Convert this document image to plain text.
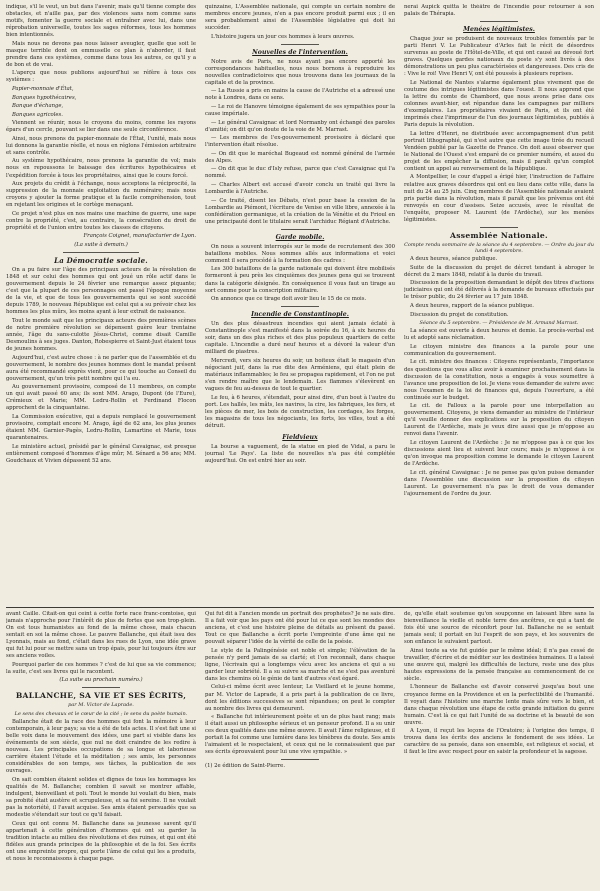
indique, s'il le veut, un but dans l'avenir, mais qu'il tienne compte des obstacles, et n'aille pas, par des violences sans nom comme sans motifs, fomenter la guerre sociale et entraîner avec lui, dans une réprobation universelle, toutes les sages réformes, tous les hommes bien intentionnés.

Mais nous ne devons pas nous laisser aveugler, quelle que soit le masque terrible dont on emmuselle ce plan à n'aborder, il faut prendre dans ces systèmes, comme dans tous les autres, ce qu'il y a de bon et de vrai.

L'aperçu que nous publions aujourd'hui se réfère à tous ces systèmes :

Papier-monnaie d'État,

Banques hypothécaires,

Banque d'échange,

Banques agricoles.

Viennent se réunir, nous le croyons du moins, comme les rayons épars d'un cercle, pouvant se lier dans une seule circonférence.

Ainsi, nous prenons du papier-monnaie de l'État, l'unité, mais nous lui donnons la garantie réelle, et nous en réglons l'émission arbitraire et sans contrôle.

Au système hypothécaire, nous prenons la garantie du vol; mais nous en repoussons le baissage des écritures hypothécaires et l'expédition forcée à tous les propriétaires, ainsi que le cours forcé.

Aux projets du crédit à l'échange, nous acceptons la réciprocité, la suppression de la monnaie exploitation du numéraire; mais nous croyons y ajouter la forme pratique et la facile compréhension, tout en rejetant les origines et le cortège menaçant.

Ce projet n'est plus en nos mains une machine de guerre, une sape contre la propriété, c'est, au contraire, la consécration du droit de propriété et de l'union entre toutes les classes de citoyens.

François Coignet, manufacturier de Lyon.

(La suite à demain.)

La Démocratie sociale.

On a pu faire sur l'âge des principaux acteurs de la révolution de 1848 et sur celui des hommes qui ont joué un rôle actif dans le gouvernement depuis le 24 février une remarque assez piquante; c'est que la plupart de ces personnages ont passé l'époque moyenne de la vie, et que de tous les gouvernements qui se sont succédé depuis 1789, le nouveau République est celui qui a su prévoir chez les hommes les plus mûrs, les moins ayant à leur extrait de naissance.

Tout le monde sait que les principaux acteurs des premières scènes de notre première révolution se dépensent guère leur trentaine année, l'âge du sans-culotte Jésus-Christ, comme disait Camille Desmoulins à ses juges. Danton, Robespierre et Saint-Just étaient tous de jeunes hommes.

Aujourd'hui, c'est autre chose : à ne parler que de l'assemblée et du gouvernement, le nombre des jeunes hommes dont le mandat présent aura été recommandé exprès vient, pour ce qui touche au Conseil du gouvernement, qu'un très petit nombre qui l'a eu.

Au gouvernement provisoire, composé de 11 membres, on compte un qui avait passé 60 ans; ils sont MM. Arago, Dupont (de l'Eure), Crémieux et Marie; MM. Ledru-Rollin et Ferdinand Flocon approchent de la cinquantaine.

La Commission exécutive, qui a depuis remplacé le gouvernement provisoire, comptait encore M. Arago, âgé de 62 ans, les plus jeunes étaient MM. Garnier-Pagès, Ledru-Rollin, Lamartine et Marie, tous quarantenaires.

Le ministère actuel, présidé par le général Cavaignac, est presque entièrement composé d'hommes d'âge mûr; M. Sénard a 56 ans; MM. Goudchaux et Vivien dépassent 52 ans.

quinzaine, L'Assemblée nationale, qui compte un certain nombre de membres encore jeunes, n'en a pas encore produit parmi eux ; il en sera probablement ainsi de l'Assemblée législative qui doit lui succéder.

L'histoire jugera un jour ces hommes à leurs œuvres.

Nouvelles de l'intervention.

Notre avis de Paris, ne nous ayant pas encore apporté les correspondances habituelles, nous nous bornons à reproduire les nouvelles contradictoires que nous trouvons dans les journaux de la capitale et de la province.

— La Russie a pris en mains la cause de l'Autriche et a adressé une note à Londres, dans ce sens.

— Le roi de Hanovre témoigne également de ses sympathies pour la cause impériale.

— Le général Cavaignac et lord Normanby ont échangé des paroles d'amitié; on dit qu'on doute de la voie de M. Marrast.

— Les membres de l'ex-gouvernement provisoire à déclaré que l'intervention était résolue.

— On dit que le maréchal Bugeaud est nommé général de l'armée des Alpes.

— On dit que le duc d'Isly refuse, parce que c'est Cavaignac qui l'a nommé.

— Charles Albert est accusé d'avoir conclu un traité qui livre la Lombardie à l'Autriche.

— Ce traité, disent les Débats, n'est pour base la cession de la Lombardie au Piémont, l'écriture de Venise en ville libre, annexée à la confédération germanique, et la création de la Vénétie et du Frioul en une principauté dont le titulaire serait l'archiduc Régiant d'Autriche.

Garde mobile.

On nous a souvent interrogés sur le mode de recrutement des 300 bataillons mobiles. Nous sommes allés aux informations et voici comment il sera procédé à la formation des cadres :

Les 300 bataillons de la garde nationale qui doivent être mobilisés formeront à peu près les cinquièmes des jeunes gens qui se trouvent dans la catégorie désignée. En conséquence il vous faut un tirage au sort comme pour la conscription militaire.

On annonce que ce tirage doit avoir lieu le 15 de ce mois.

Incendie de Constantinople.

Un des plus désastreux incendies qui aient jamais éclaté à Constantinople s'est manifesté dans la soirée du 16, à six heures du soir, dans un des plus riches et des plus populeux quartiers de cette capitale. L'incendie a duré neuf heures et a dévoré la valeur d'un milliard de piastres.

Mercredi, vers six heures du soir, un boiteux était le magasin d'un négociant juif, dans la rue dite des Arméniens, qui était plein de matériaux inflammables; le feu se propagea rapidement, et l'on ne put s'en rendre maître que le lendemain. Les flammes s'élevèrent en vagues de feu au-dessus de tout le quartier.

Le feu, à 6 heures, s'étendait, pour ainsi dire, d'un bout à l'autre du port. Les hallés, les mâts, les navires, la cire, les fabriques, les fers, et les pièces de mer, les bois de construction, les cordages, les forges, les magasins de tous les négociants, les forts, les villes, tout a été détruit.

Fieldvieux

La bourse a vaguement, de la statue en pied de Vidal, a paru le journal 'Le Pays'. La liste de nouvelles n'a pas été complétée aujourd'hui. On est entré hier au soir.

nerai Aupick quitta le théâtre de l'incendie pour retourner à son palais de Thérapia.

Menées légitimistes.

Chaque jour se produisent de nouveaux troubles fomentés par le parti Henri V. Le Publicateur d'Arles fait le récit de désordres survenus au poste de l'Hôtel-de-Ville, et qui ont causé au dévoué fort graves. Quelques gardes nationaux du poste s'y sont livrés à des démonstrations un peu plus caractérisées et dangereuses. Des cris de : Vive le roi! Vive Henri V, ont été poussés à plusieurs reprises.

Le National de Nantes s'alarme également plus vivement que de coutume des intrigues légitimistes dans l'ouest. Il nous apprend que la lettre du comte de Chambord, que nous avons prise dans ces colonnes avant-hier, est répandue dans les campagnes par milliers d'exemplaires. Les propriétaires vivaient de Paris, et ils ont été imprimés chez l'imprimeur de l'un des journaux légitimistes, publiés à Paris depuis la révolution.

La lettre d'Henri, ne distribuée avec accompagnement d'un petit portrait lithographié, qui n'est autre que cette image tirée du recueil Vendéen publié par la Gazette de France. On doit aussi observer que le National de l'Ouest s'est emparé de ce premier numéro, et aussi du projet de les empêcher la diffusion, mais il paraît qu'un complot contient un appel au renversement de la République.

A Montpellier, le cour d'appel a érigé hier, l'instruction de l'affaire relative aux graves désordres qui ont eu lieu dans cette ville, dans la nuit du 24 au 25 juin. Cinq membres de l'Assemblée nationale avaient pris partie dans la révolution, mais il paraît que les prévenus ont été renvoyés en cour d'assises. Seize accusés, avec le résultat de l'enquête, proposer M. Laurent (de l'Ardèche), sur les menées légitimistes.

Assemblée Nationale.
Compte rendu sommaire de la séance du 4 septembre. — Ordre du jour du lundi 4 septembre.

A deux heures, séance publique.

Suite de la discussion du projet de décret tendant à abroger le décret du 2 mars 1848, relatif à la durée du travail.

Discussion de la proposition demandant le dépôt des titres d'actions judiciaires qui ont été délivrés à la demande de bureaux effectués par le trésor public, du 24 février au 17 juin 1848.

A deux heures, rapport de la séance publique.

Discussion du projet de constitution.

Séance du 5 septembre. — Présidence de M. Armand Marrast.

La séance est ouverte à deux heures et demie. Le procès-verbal est lu et adopté sans réclamation.

Le citoyen ministre des finances a la parole pour une communication du gouvernement.

Le cit. ministre des finances : Citoyens représentants, l'importance des questions que vous allez avoir à examiner prochainement dans la discussion de la constitution, nous a engagés à vous soumettre à l'avance une proposition de loi. Je viens vous demander de suivre avec nous l'examen de la loi de finances qui, depuis l'ouverture, a été continuée sur le budget.

Le cit. de Falloux a la parole pour une interpellation au gouvernement. Citoyens, je viens demander au ministre de l'intérieur qu'il veuille donner des explications sur la proposition du citoyen Laurent de l'Ardèche, mais je veux dire aussi que je m'oppose au renvoi dans l'avenir.

Le citoyen Laurent de l'Ardèche : Je ne m'oppose pas à ce que les discussions aient lieu et suivent leur cours; mais je m'oppose à ce qu'on invoque ma proposition comme le demande le citoyen Laurent de l'Ardèche.

Le cit. général Cavaignac : Je ne pense pas qu'on puisse demander dans l'Assemblée une discussion sur la proposition du citoyen Laurent. Le gouvernement n'a pas le droit de vous demander l'ajournement de l'ordre du jour.

avant Caille. Citait-on qui ceint à cette forte race franc-comtoise, qui jamais n'approche pour l'intérêt de plus de fortes que son trop-plein. On est tous humanistes au fond de la même chose, mais chacun sentait en soi la même chose. Le pauvre Ballanche, qui était issu des Lyonnais, mais au fond, c'était dans les rues de Lyon, une idée grave qui fut lui pour se mettre sans un trop épais, pour lui toujours être sur ses anciens voiles.

Pourquoi parler de ces hommes ? c'est de lui que sa vie commence; la suite, c'est ses livres qui le racontent.

(La suite au prochain numéro.)

BALLANCHE, SA VIE ET SES ÉCRITS,
par M. Victor de Laprade.
Le sens des chevaux et le cœur de la cité ; le sens du poète humain.

Ballanche était de la race des hommes qui font la mémoire à leur contemporain, à leur pays; sa vie a été de tels actes. Il s'est fait une si belle voix dans le mouvement des idées, une part si visible dans les événements de son siècle, que nul ne doit craindre de les redire à nouveau. Les principales occupations de sa longue et laborieuse carrière étaient l'étude et la méditation ; ses amis, les personnes considérables de son temps, ses tâches, la publication de ses ouvrages.

On sait combien étaient solides et dignes de tous les hommages les qualités de M. Ballanche; combien il savait se montrer affable, indulgent, bienveillant et poli. Tout le monde lui voulait du bien, mais sa probité était austère et scrupuleuse, et sa foi sereine. Il ne voulait pas la notoriété, il l'avait acquise. Ses amis étaient persuadés que sa modestie s'étendait sur tout ce qu'il faisait.

Ceux qui ont connu M. Ballanche dans sa jeunesse savent qu'il appartenait à cette génération d'hommes qui ont su garder la tradition intacte au milieu des révolutions et des ruines, et qui ont été fidèles aux grands principes de la philosophie et de la foi. Ses écrits ont une empreinte propre, qui porte l'âme de celui qui les a produits, et nous le reconnaissons à chaque page.

Qui fut dit à l'ancien monde un portrait des prophètes? Je ne sais dire. Il a fait voir que les pays ont été pour lui ce que sont les mondes des anciens, et c'est une histoire pleine de détails au présent du passé. Tout ce que Ballanche a écrit porte l'empreinte d'une âme qui ne pouvait séparer l'idée de la vérité de celle de la poésie.

Le style de la Palingénésie est noble et simple; l'élévation de la pensée n'y perd jamais de sa clarté; et l'on reconnaît, dans chaque ligne, l'écrivain qui a longtemps vécu avec les anciens et qui a su garder leur sobriété. Il a su suivre sa marche et ne s'est pas aventuré dans les chemins où le génie de tant d'autres s'est égaré.

Celui-ci même écrit avec lenteur, Le Vieillard et le jeune homme, par M. Victor de Laprade, il a pris part à la publication de ce livre, dont les éditions successives se sont répandues; on peut le compter au nombre des livres qui demeurent.

« Ballanche fut intérieurement poète et un de plus haut rang; mais il était aussi un philosophe sérieux et un penseur profond. Il a su unir ces deux qualités dans une même œuvre. Il avait l'âme religieuse, et il portait la foi comme une lumière dans les ténèbres du doute. Ses amis l'aimaient et le respectaient, et ceux qui ne le connaissaient que par ses écrits éprouvaient pour lui une vive sympathie. »

(1) 2e édition de Saint-Pierre.

de, qu'elle était soutenue qu'on soupçonne en laissant libre sans la bienveillance la vieille et noble terre des ancêtres, ce qui a tant de fois été une source de réconfort pour lui. Ballanche ne se sentait jamais seul; il portait en lui l'esprit de son pays, et les souvenirs de son enfance le suivaient partout.

Ainsi toute sa vie fut guidée par le même idéal; il n'a pas cessé de travailler, d'écrire et de méditer sur les destinées humaines. Il a laissé une œuvre qui, malgré les difficultés de lecture, reste une des plus hautes expressions de la pensée française au commencement de ce siècle.

L'honneur de Ballanche est d'avoir conservé jusqu'au bout une croyance ferme en la Providence et en la perfectibilité de l'humanité. Il voyait dans l'histoire une marche lente mais sûre vers le bien, et dans chaque révolution une étape de cette grande initiation du genre humain. C'est là ce qui fait l'unité de sa doctrine et la beauté de son œuvre.

A Lyon, il reçut les leçons de l'Oratoire; à l'origine des temps, il trouva dans les écrits des anciens le fondement de ses idées. Le caractère de sa pensée, dans son ensemble, est religieux et social, et il faut le lire avec respect pour en saisir la profondeur et la sagesse.
